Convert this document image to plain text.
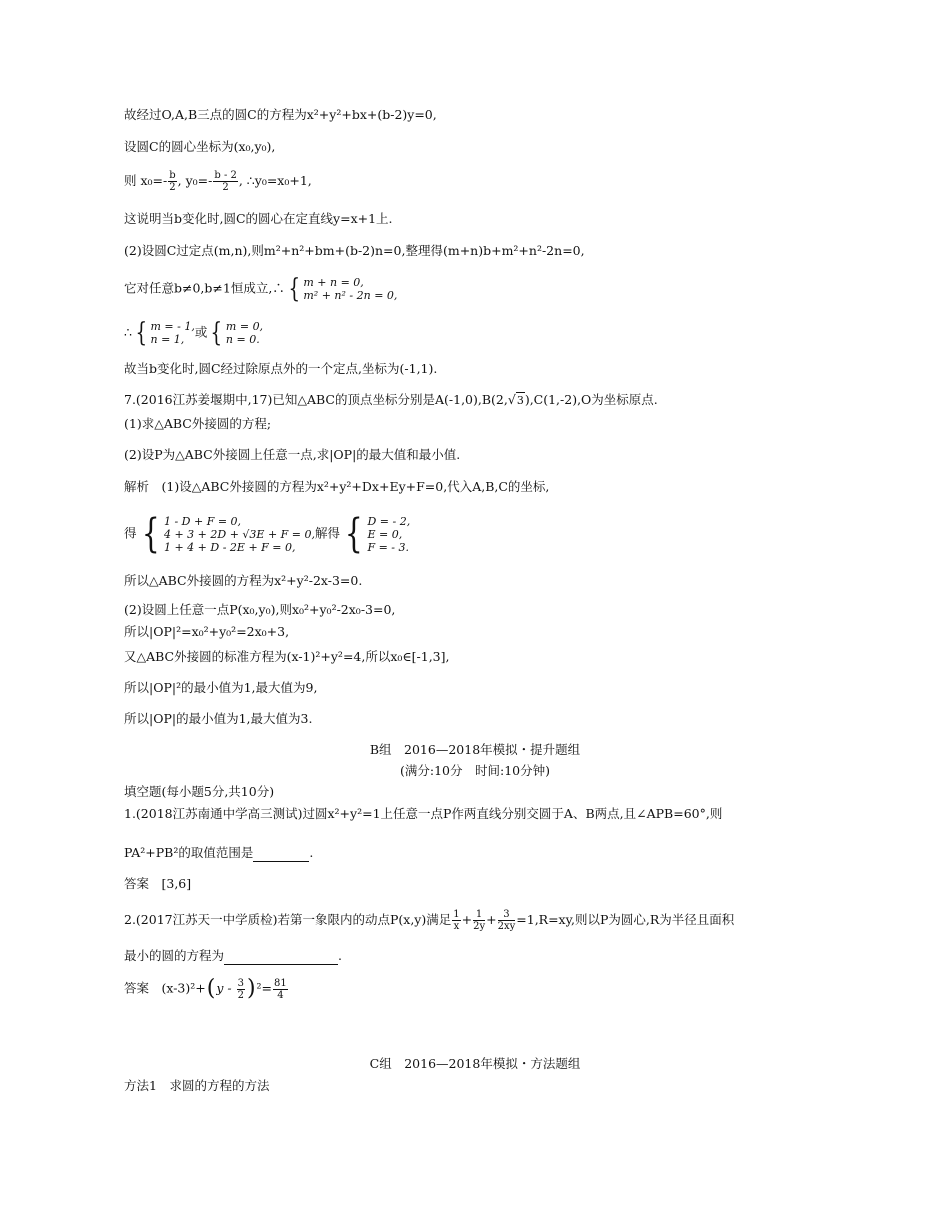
故经过O,A,B三点的圆C的方程为x²+y²+bx+(b-2)y=0,
设圆C的圆心坐标为(x₀,y₀),
则 $x_0=- \frac{b}{2}$ , $y_0=- \frac{b - 2}{2}$ , ∴y₀=x₀+1,
这说明当b变化时,圆C的圆心在定直线y=x+1上.
(2)设圆C过定点(m,n),则m²+n²+bm+(b-2)n=0,整理得(m+n)b+m²+n²-2n=0,
它对任意b≠0,b≠1恒成立,∴ { m + n = 0,
m² + n² - 2n = 0,
∴ { m = - 1,
n = 1, 或 { m = 0,
n = 0.
故当b变化时,圆C经过除原点外的一个定点,坐标为(-1,1).
7.(2016江苏姜堰期中,17)已知△ABC的顶点坐标分别是A(-1,0),B(2,√3),C(1,-2),O为坐标原点.
(1)求△ABC外接圆的方程;
(2)设P为△ABC外接圆上任意一点,求|OP|的最大值和最小值.
解析　(1)设△ABC外接圆的方程为x²+y²+Dx+Ey+F=0,代入A,B,C的坐标,
得 { 1 - D + F = 0,
4 + 3 + 2D + √3E + F = 0,
1 + 4 + D - 2E + F = 0,
解得 { D = - 2,
E = 0,
F = - 3.
所以△ABC外接圆的方程为x²+y²-2x-3=0.
(2)设圆上任意一点P(x₀,y₀),则x₀²+y₀²-2x₀-3=0,
所以|OP|²=x₀²+y₀²=2x₀+3,
又△ABC外接圆的标准方程为(x-1)²+y²=4,所以x₀∈[-1,3],
所以|OP|²的最小值为1,最大值为9,
所以|OP|的最小值为1,最大值为3.
B组　2016—2018年模拟・提升题组
(满分:10分　时间:10分钟)
填空题(每小题5分,共10分)
1.(2018江苏南通中学高三测试)过圆x²+y²=1上任意一点P作两直线分别交圆于A、B两点,且∠APB=60°,则
PA²+PB²的取值范围是	.
答案　[3,6]
2.(2017江苏天一中学质检)若第一象限内的动点P(x,y)满足 $\frac{1}{x} + \frac{1}{2y} + \frac{3}{2xy} =1,R=xy$,则以P为圆心,R为半径且面积
最小的圆的方程为	.
答案　$(x-3)^2+(y - \frac{3}{2} )^2= \frac{81}{4}$
C组　2016—2018年模拟・方法题组
方法1　求圆的方程的方法
